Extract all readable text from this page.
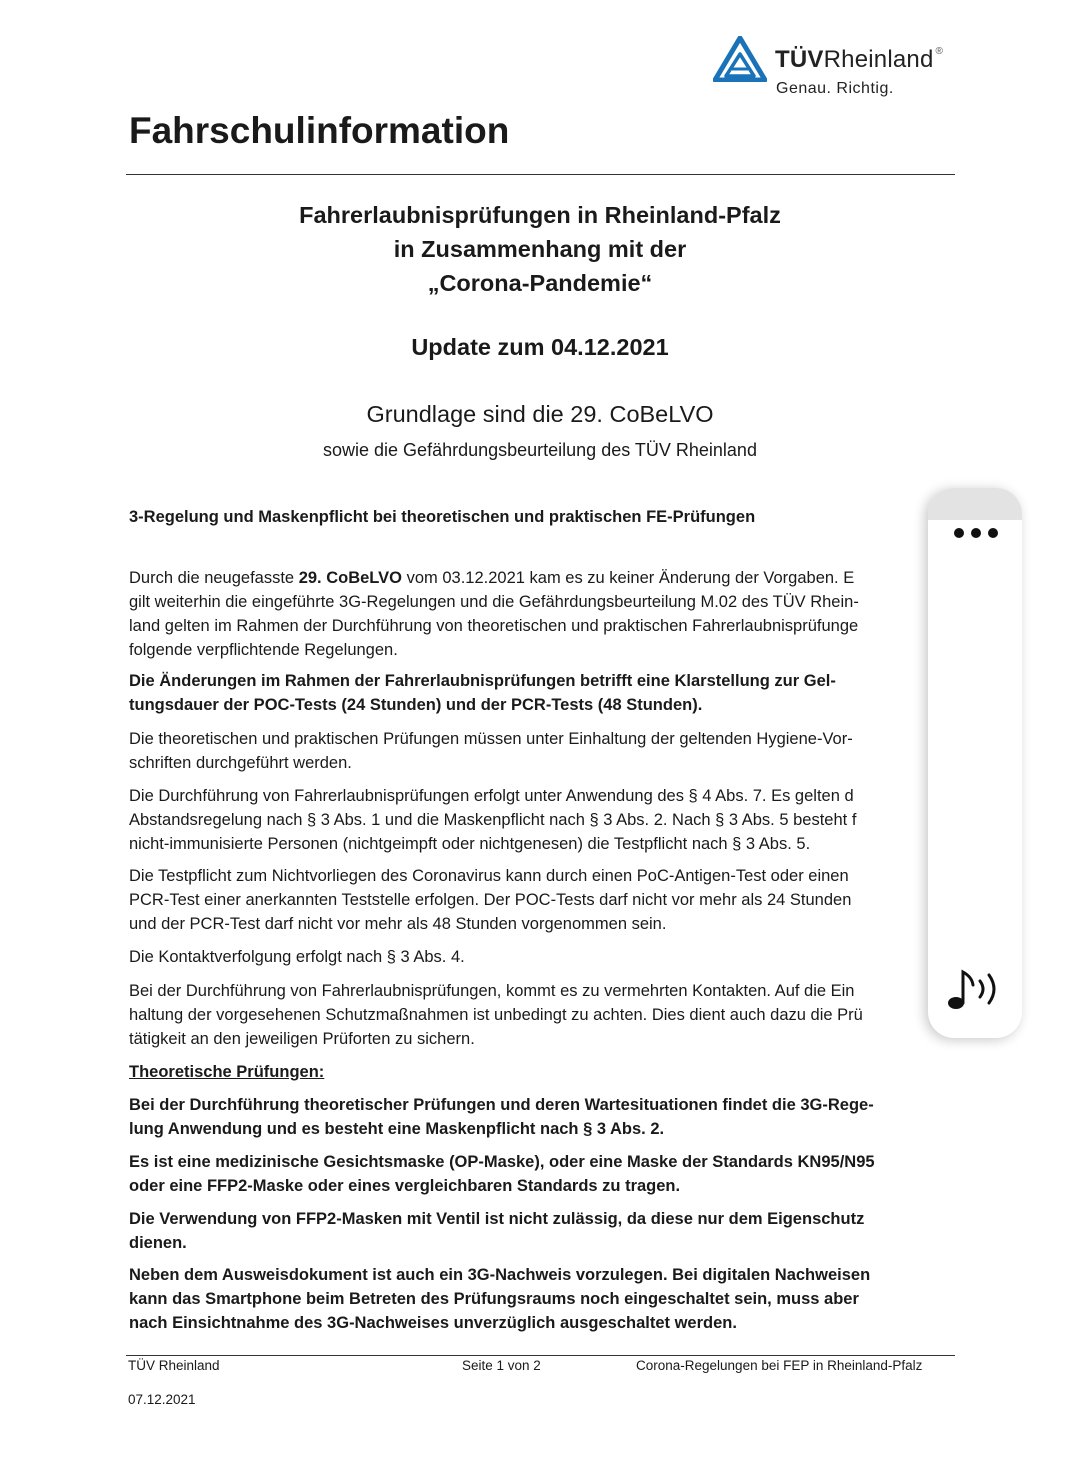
TÜVRheinland ®
Genau. Richtig.
Fahrschulinformation
Fahrerlaubnisprüfungen in Rheinland-Pfalz
in Zusammenhang mit der
„Corona-Pandemie“
Update zum 04.12.2021
Grundlage sind die 29. CoBeLVO
sowie die Gefährdungsbeurteilung des TÜV Rheinland
3-Regelung und Maskenpflicht bei theoretischen und praktischen FE-Prüfungen

Durch die neugefasste 29. CoBeLVO vom 03.12.2021 kam es zu keiner Änderung der Vorgaben. E
gilt weiterhin die eingeführte 3G-Regelungen und die Gefährdungsbeurteilung M.02 des TÜV Rhein-
land gelten im Rahmen der Durchführung von theoretischen und praktischen Fahrerlaubnisprüfunge
folgende verpflichtende Regelungen.

Die Änderungen im Rahmen der Fahrerlaubnisprüfungen betrifft eine Klarstellung zur Gel-
tungsdauer der POC-Tests (24 Stunden) und der PCR-Tests (48 Stunden).

Die theoretischen und praktischen Prüfungen müssen unter Einhaltung der geltenden Hygiene-Vor-
schriften durchgeführt werden.

Die Durchführung von Fahrerlaubnisprüfungen erfolgt unter Anwendung des § 4 Abs. 7. Es gelten d
Abstandsregelung nach § 3 Abs. 1 und die Maskenpflicht nach § 3 Abs. 2. Nach § 3 Abs. 5 besteht f
nicht-immunisierte Personen (nichtgeimpft oder nichtgenesen) die Testpflicht nach § 3 Abs. 5.

Die Testpflicht zum Nichtvorliegen des Coronavirus kann durch einen PoC-Antigen-Test oder einen
PCR-Test einer anerkannten Teststelle erfolgen. Der POC-Tests darf nicht vor mehr als 24 Stunden
und der PCR-Test darf nicht vor mehr als 48 Stunden vorgenommen sein.

Die Kontaktverfolgung erfolgt nach § 3 Abs. 4.

Bei der Durchführung von Fahrerlaubnisprüfungen, kommt es zu vermehrten Kontakten. Auf die Ein
haltung der vorgesehenen Schutzmaßnahmen ist unbedingt zu achten. Dies dient auch dazu die Prü
tätigkeit an den jeweiligen Prüforten zu sichern.

Theoretische Prüfungen:

Bei der Durchführung theoretischer Prüfungen und deren Wartesituationen findet die 3G-Rege-
lung Anwendung und es besteht eine Maskenpflicht nach § 3 Abs. 2.

Es ist eine medizinische Gesichtsmaske (OP-Maske), oder eine Maske der Standards KN95/N95
oder eine FFP2-Maske oder eines vergleichbaren Standards zu tragen.

Die Verwendung von FFP2-Masken mit Ventil ist nicht zulässig, da diese nur dem Eigenschutz
dienen.

Neben dem Ausweisdokument ist auch ein 3G-Nachweis vorzulegen. Bei digitalen Nachweisen
kann das Smartphone beim Betreten des Prüfungsraums noch eingeschaltet sein, muss aber
nach Einsichtnahme des 3G-Nachweises unverzüglich ausgeschaltet werden.

TÜV Rheinland	Seite 1 von 2	Corona-Regelungen bei FEP in Rheinland-Pfalz
07.12.2021
